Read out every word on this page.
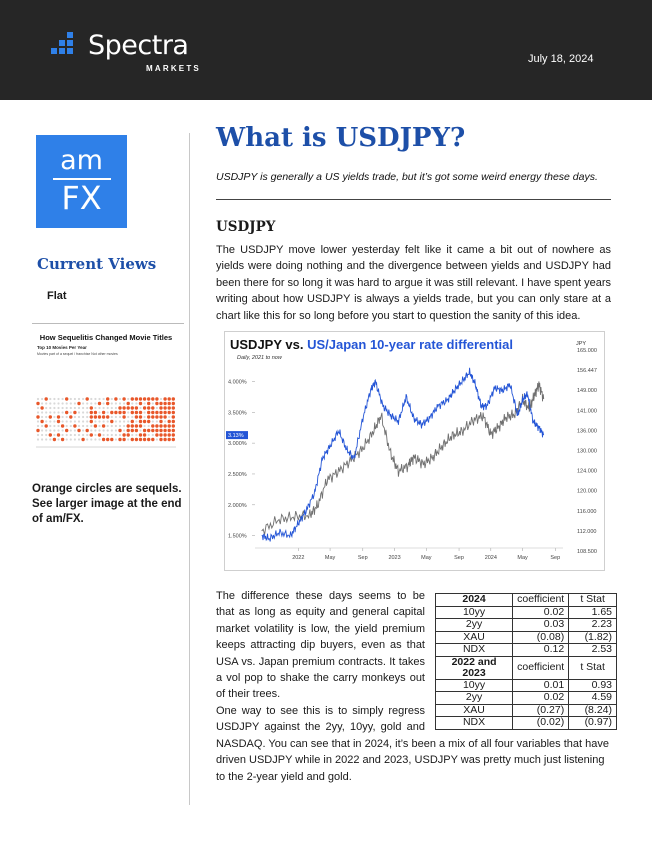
Spectra
MARKETS
July 18, 2024
am
FX
Current Views
Flat
How Sequelitis Changed Movie Titles
Top 10 Movies Per Year
Movies part of a sequel / franchise Not other movies
Orange circles are sequels. See larger image at the end of am/FX.
What is USDJPY?
USDJPY is generally a US yields trade, but it’s got some weird energy these days.
USDJPY

The USDJPY move lower yesterday felt like it came a bit out of nowhere as yields were doing nothing and the divergence between yields and USDJPY had been there for so long it was hard to argue it was still relevant. I have spent years writing about how USDJPY is always a yields trade, but you can only stare at a chart like this for so long before you start to question the sanity of this idea.

USDJPY vs. US/Japan 10-year rate differential
Daily, 2021 to now
JPY
1.500%
2.000%
2.500%
3.000%
3.500%
4.000%
108.500
112.000
116.000
120.000
124.000
130.000
136.000
141.000
149.000
156.447
165.000
2022	May	Sep	2023	May	Sep	2024	May	Sep
3.13%

The difference these days seems to be that as long as equity and general capital market volatility is low, the yield premium keeps attracting dip buyers, even as that USA vs. Japan premium contracts. It takes a vol pop to shake the carry monkeys out of their trees.

2024	coefficient	t Stat
10yy	0.02	1.65
2yy	0.03	2.23
XAU	(0.08)	(1.82)
NDX	0.12	2.53
2022 and 2023	coefficient	t Stat
10yy	0.01	0.93
2yy	0.02	4.59
XAU	(0.27)	(8.24)
NDX	(0.02)	(0.97)

One way to see this is to simply regress
USDJPY against the 2yy, 10yy, gold and
NASDAQ. You can see that in 2024, it’s been a mix of all four variables that have driven USDJPY while in 2022 and 2023, USDJPY was pretty much just listening to the 2-year yield and gold.
